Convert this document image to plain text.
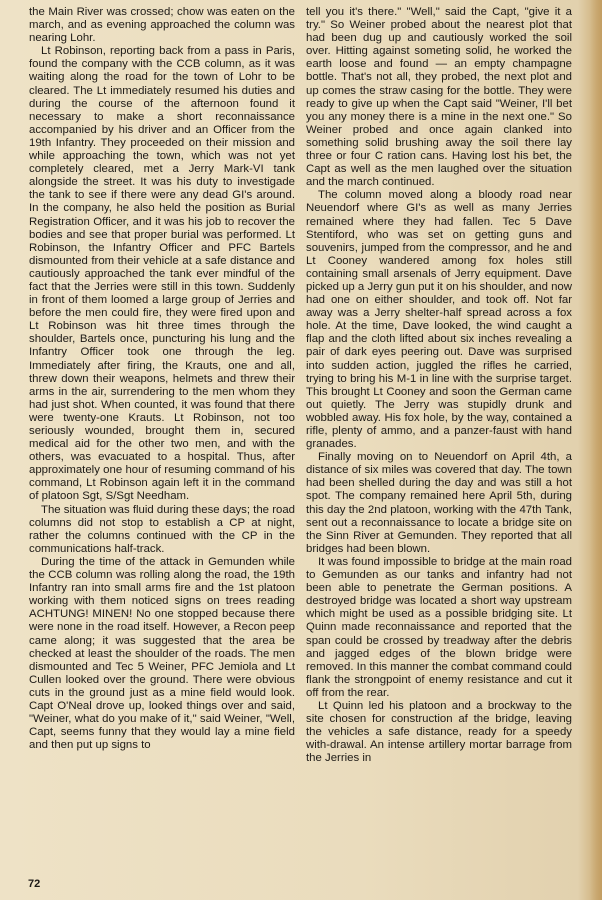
the Main River was crossed; chow was eaten on the march, and as evening approached the column was nearing Lohr.

Lt Robinson, reporting back from a pass in Paris, found the company with the CCB column, as it was waiting along the road for the town of Lohr to be cleared. The Lt immediately resumed his duties and during the course of the afternoon found it necessary to make a short reconnaissance accompanied by his driver and an Officer from the 19th Infantry. They proceeded on their mission and while approaching the town, which was not yet completely cleared, met a Jerry Mark-VI tank alongside the street. It was his duty to investigade the tank to see if there were any dead GI's around. In the company, he also held the position as Burial Registration Officer, and it was his job to recover the bodies and see that proper burial was performed. Lt Robinson, the Infantry Officer and PFC Bartels dismounted from their vehicle at a safe distance and cautiously approached the tank ever mindful of the fact that the Jerries were still in this town. Suddenly in front of them loomed a large group of Jerries and before the men could fire, they were fired upon and Lt Robinson was hit three times through the shoulder, Bartels once, puncturing his lung and the Infantry Officer took one through the leg. Immediately after firing, the Krauts, one and all, threw down their weapons, helmets and threw their arms in the air, surrendering to the men whom they had just shot. When counted, it was found that there were twenty-one Krauts. Lt Robinson, not too seriously wounded, brought them in, secured medical aid for the other two men, and with the others, was evacuated to a hospital. Thus, after approximately one hour of resuming command of his command, Lt Robinson again left it in the command of platoon Sgt, S/Sgt Needham.

The situation was fluid during these days; the road columns did not stop to establish a CP at night, rather the columns continued with the CP in the communications half-track.

During the time of the attack in Gemunden while the CCB column was rolling along the road, the 19th Infantry ran into small arms fire and the 1st platoon working with them noticed signs on trees reading ACHTUNG! MINEN! No one stopped because there were none in the road itself. However, a Recon peep came along; it was suggested that the area be checked at least the shoulder of the roads. The men dismounted and Tec 5 Weiner, PFC Jemiola and Lt Cullen looked over the ground. There were obvious cuts in the ground just as a mine field would look. Capt O'Neal drove up, looked things over and said, "Weiner, what do you make of it," said Weiner, "Well, Capt, seems funny that they would lay a mine field and then put up signs to

tell you it's there." "Well," said the Capt, "give it a try." So Weiner probed about the nearest plot that had been dug up and cautiously worked the soil over. Hitting against someting solid, he worked the earth loose and found — an empty champagne bottle. That's not all, they probed, the next plot and up comes the straw casing for the bottle. They were ready to give up when the Capt said "Weiner, I'll bet you any money there is a mine in the next one." So Weiner probed and once again clanked into something solid brushing away the soil there lay three or four C ration cans. Having lost his bet, the Capt as well as the men laughed over the situation and the march continued.

The column moved along a bloody road near Neuendorf where GI's as well as many Jerries remained where they had fallen. Tec 5 Dave Stentiford, who was set on getting guns and souvenirs, jumped from the compressor, and he and Lt Cooney wandered among fox holes still containing small arsenals of Jerry equipment. Dave picked up a Jerry gun put it on his shoulder, and now had one on either shoulder, and took off. Not far away was a Jerry shelter-half spread across a fox hole. At the time, Dave looked, the wind caught a flap and the cloth lifted about six inches revealing a pair of dark eyes peering out. Dave was surprised into sudden action, juggled the rifles he carried, trying to bring his M-1 in line with the surprise target. This brought Lt Cooney and soon the German came out quietly. The Jerry was stupidly drunk and wobbled away. His fox hole, by the way, contained a rifle, plenty of ammo, and a panzer-faust with hand granades.

Finally moving on to Neuendorf on April 4th, a distance of six miles was covered that day. The town had been shelled during the day and was still a hot spot. The company remained here April 5th, during this day the 2nd platoon, working with the 47th Tank, sent out a reconnaissance to locate a bridge site on the Sinn River at Gemunden. They reported that all bridges had been blown.

It was found impossible to bridge at the main road to Gemunden as our tanks and infantry had not been able to penetrate the German positions. A destroyed bridge was located a short way upstream which might be used as a possible bridging site. Lt Quinn made reconnaissance and reported that the span could be crossed by treadway after the debris and jagged edges of the blown bridge were removed. In this manner the combat command could flank the strongpoint of enemy resistance and cut it off from the rear.

Lt Quinn led his platoon and a brockway to the site chosen for construction af the bridge, leaving the vehicles a safe distance, ready for a speedy with-drawal. An intense artillery mortar barrage from the Jerries in

72
